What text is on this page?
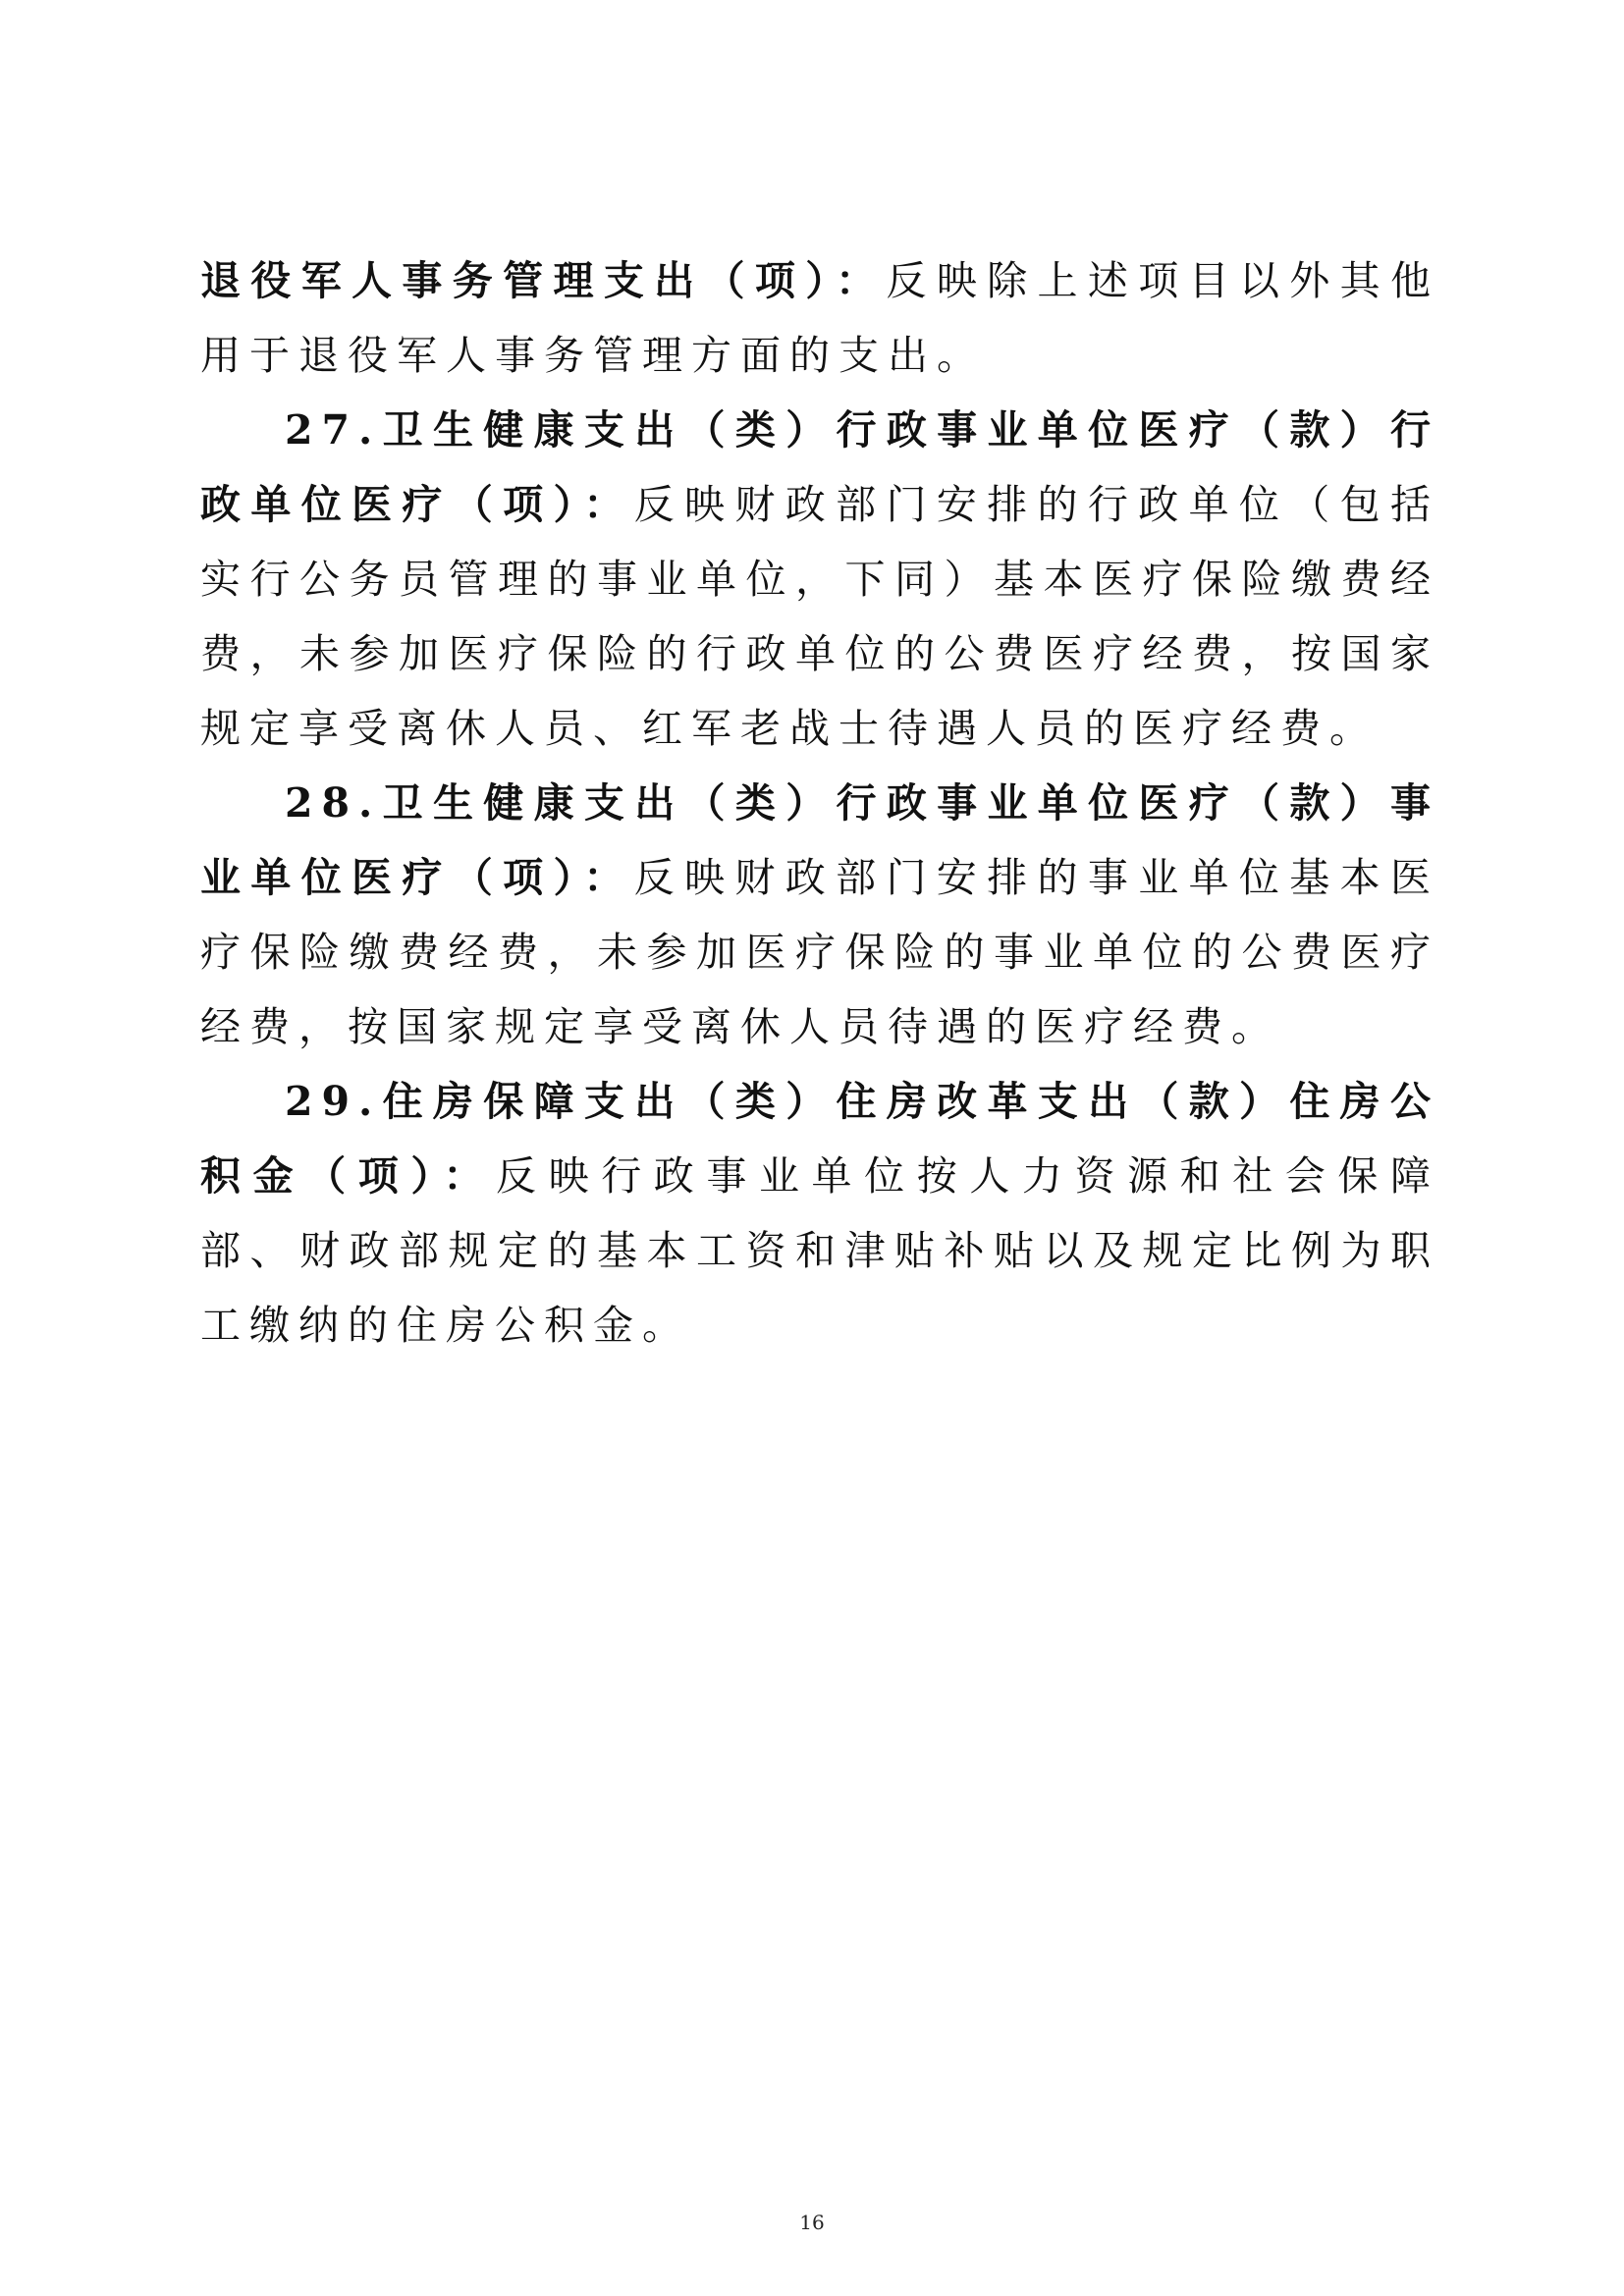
退役军人事务管理支出（项）：反映除上述项目以外其他用于退役军人事务管理方面的支出。

27.卫生健康支出（类）行政事业单位医疗（款）行政单位医疗（项）：反映财政部门安排的行政单位（包括实行公务员管理的事业单位，下同）基本医疗保险缴费经费，未参加医疗保险的行政单位的公费医疗经费，按国家规定享受离休人员、红军老战士待遇人员的医疗经费。

28.卫生健康支出（类）行政事业单位医疗（款）事业单位医疗（项）：反映财政部门安排的事业单位基本医疗保险缴费经费，未参加医疗保险的事业单位的公费医疗经费，按国家规定享受离休人员待遇的医疗经费。

29.住房保障支出（类）住房改革支出（款）住房公积金（项）：反映行政事业单位按人力资源和社会保障部、财政部规定的基本工资和津贴补贴以及规定比例为职工缴纳的住房公积金。

16
